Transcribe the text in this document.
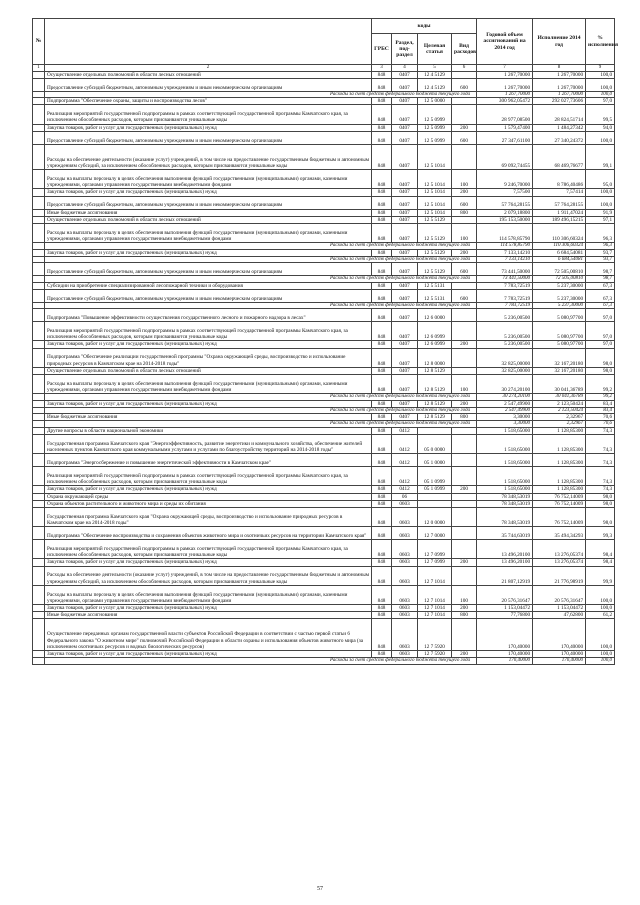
№		коды				Годовой объем ассигнований на 2014 год	Исполнение 2014 год	% исполнения
		ГРБС	Раздел, под-раздел	Целевая статья	Вид расходов			
1	2	3	4	5	6	7	8	9
	Осуществление отдельных полномочий в области лесных отношений	848	0407	12 4 5129		1 267,70000	1 267,70000	100,0
	Предоставление субсидий бюджетным, автономным учреждениям и иным некоммерческим организациям	848	0407	12 4 5129	600	1 267,70000	1 267,70000	100,0
	Расходы за счет средств федерального бюджета текущего года					1 267,70000	1 267,70000	100,0
	Подпрограмма "Обеспечение охраны, защиты и воспроизводства лесов"	848	0407	12 5 0000		300 962,05472	292 027,73606	97,0
	Реализация мероприятий государственной подпрограммы в рамках соответствующей государственной программы Камчатского края, за исключением обособленных расходов, которым присваиваются уникальные коды	848	0407	12 5 0999		28 977,08500	28 824,51714	99,5
	Закупка товаров, работ и услуг для государственных (муниципальных) нужд	848	0407	12 5 0999	200	1 579,47400	1 484,27342	94,0
	Предоставление субсидий бюджетным, автономным учреждениям и иным некоммерческим организациям	848	0407	12 5 0999	600	27 347,61100	27 340,24372	100,0
	Расходы на обеспечение деятельности (оказание услуг) учреждений, в том числе на предоставление государственным бюджетным и автономным учреждениям субсидий, за исключением обособленных расходов, которым присваиваются уникальные коды	848	0407	12 5 1014		69 092,74455	68 469,76677	99,1
	Расходы на выплаты персоналу в целях обеспечения выполнения функций государственными (муниципальными) органами, казенными учреждениями, органами управления государственными внебюджетными фондами	848	0407	12 5 1014	100	9 246,70000	8 786,40486	95,0
	Закупка товаров, работ и услуг для государственных (муниципальных) нужд	848	0407	12 5 1014	200	7,57500	7,57414	100,0
	Предоставление субсидий бюджетным, автономным учреждениям и иным некоммерческим организациям	848	0407	12 5 1014	600	57 764,28155	57 764,28155	100,0
	Иные бюджетные ассигнования	848	0407	12 5 1014	800	2 079,18800	1 911,47024	91,9
	Осуществление отдельных полномочий в области лесных отношений	848	0407	12 5 5129		195 153,50000	189 496,15215	97,1
	Расходы на выплаты персоналу в целях обеспечения выполнения функций государственными (муниципальными) органами, казенными учреждениями, органами управления государственными внебюджетными фондами	848	0407	12 5 5129	100	114 578,85790	110 306,60324	96,3
	Расходы за счет средств федерального бюджета текущего года					114 578,85790	110 306,60324	96,3
	Закупка товаров, работ и услуг для государственных (муниципальных) нужд	848	0407	12 5 5129	200	7 133,14210	6 684,54081	93,7
	Расходы за счет средств федерального бюджета текущего года					7 133,14210	6 684,54081	93,7
	Предоставление субсидий бюджетным, автономным учреждениям и иным некоммерческим организациям	848	0407	12 5 5129	600	73 441,50000	72 505,00810	98,7
	Расходы за счет средств федерального бюджета текущего года					73 441,50000	72 505,00810	98,7
	Субсидии на приобретение специализированной лесопожарной техники и оборудования	848	0407	12 5 5131		7 783,72519	5 237,30000	67,3
	Предоставление субсидий бюджетным, автономным учреждениям и иным некоммерческим организациям	848	0407	12 5 5131	600	7 783,72519	5 237,30000	67,3
	Расходы за счет средств федерального бюджета текущего года					7 783,72519	5 237,30000	67,3
	Подпрограмма "Повышение эффективности осуществления государственного лесного и пожарного надзора в лесах"	848	0407	12 6 0000		5 236,00500	5 080,97700	97,0
	Реализация мероприятий государственной подпрограммы в рамках соответствующей государственной программы Камчатского края, за исключением обособленных расходов, которым присваиваются уникальные коды	848	0407	12 6 0999		5 236,00500	5 080,97700	97,0
	Закупка товаров, работ и услуг для государственных (муниципальных) нужд	848	0407	12 6 0999	200	5 236,00500	5 080,97700	97,0
	Подпрограмма "Обеспечение реализации государственной программы "Охрана окружающей среды, воспроизводство и использование природных ресурсов в Камчатском крае на 2014-2018 годы"	848	0407	12 8 0000		32 825,00000	32 167,20180	98,0
	Осуществление отдельных полномочий в области лесных отношений	848	0407	12 8 5129		32 825,00000	32 167,20180	98,0
	Расходы на выплаты персоналу в целях обеспечения выполнения функций государственными (муниципальными) органами, казенными учреждениями, органами управления государственными внебюджетными фондами	848	0407	12 8 5129	100	30 274,20100	30 041,36789	99,2
	Расходы за счет средств федерального бюджета текущего года					30 274,20100	30 041,36789	99,2
	Закупка товаров, работ и услуг для государственных (муниципальных) нужд	848	0407	12 8 5129	200	2 547,49900	2 123,50424	83,4
	Расходы за счет средств федерального бюджета текущего года					2 547,49900	2 123,50424	83,4
	Иные бюджетные ассигнования	848	0407	12 8 5129	800	3,30000	2,32967	70,6
	Расходы за счет средств федерального бюджета текущего года					3,30000	2,32967	70,6
	Другие вопросы в области национальной экономики	848	0412			1 518,65000	1 128,85300	74,3
	Государственная программа Камчатского края "Энергоэффективность, развитие энергетики и коммунального хозяйства, обеспечение жителей населенных пунктов Камчатского края коммунальными услугами и услугами по благоустройству территорий на 2014-2018 годы"	848	0412	05 0 0000		1 518,65000	1 128,85300	74,3
	Подпрограмма "Энергосбережение и повышение энергетической эффективности в Камчатском крае"	848	0412	05 1 0000		1 518,65000	1 128,85300	74,3
	Реализация мероприятий государственной подпрограммы в рамках соответствующей государственной программы Камчатского края, за исключением обособленных расходов, которым присваиваются уникальные коды	848	0412	05 1 0999		1 518,65000	1 128,85300	74,3
	Закупка товаров, работ и услуг для государственных (муниципальных) нужд	848	0412	05 1 0999	200	1 518,65000	1 128,85300	74,3
	Охрана окружающей среды	848	06			78 348,53019	76 752,14009	98,0
	Охрана объектов растительного и животного мира и среды их обитания	848	0603			78 348,53019	76 752,14009	98,0
	Государственная программа Камчатского края "Охрана окружающей среды, воспроизводство и использование природных ресурсов в Камчатском крае на 2014-2018 годы"	848	0603	12 0 0000		78 348,53019	76 752,14009	98,0
	Подпрограмма "Обеспечение воспроизводства и сохранения объектов животного мира и охотничьих ресурсов на территории Камчатского края"	848	0603	12 7 0000		35 744,63019	35 494,34293	99,3
	Реализация мероприятий государственной подпрограммы в рамках соответствующей государственной программы Камчатского края, за исключением обособленных расходов, которым присваиваются уникальные коды	848	0603	12 7 0999		13 496,20100	13 276,05374	98,4
	Закупка товаров, работ и услуг для государственных (муниципальных) нужд	848	0603	12 7 0999	200	13 496,20100	13 276,05374	98,4
	Расходы на обеспечение деятельности (оказание услуг) учреждений, в том числе на предоставление государственным бюджетным и автономным учреждениям субсидий, за исключением обособленных расходов, которым присваиваются уникальные коды	848	0603	12 7 1014		21 807,12919	21 776,98919	99,9
	Расходы на выплаты персоналу в целях обеспечения выполнения функций государственными (муниципальными) органами, казенными учреждениями, органами управления государственными внебюджетными фондами	848	0603	12 7 1014	100	20 576,31647	20 576,31647	100,0
	Закупка товаров, работ и услуг для государственных (муниципальных) нужд	848	0603	12 7 1014	200	1 153,04472	1 153,04472	100,0
	Иные бюджетные ассигнования	848	0603	12 7 1014	800	77,76800	47,62800	61,2
	Осуществление переданных органам государственной власти субъектов Российской Федерации в соответствии с частью первой статьи 6 Федерального закона "О животном мире" полномочий Российской Федерации в области охраны и использования объектов животного мира (за исключением охотничьих ресурсов и водных биологических ресурсов)	848	0603	12 7 5920		170,40000	170,40000	100,0
	Закупка товаров, работ и услуг для государственных (муниципальных) нужд	848	0603	12 7 5920	200	170,40000	170,40000	100,0
	Расходы за счет средств федерального бюджета текущего года					170,40000	170,40000	100,0
57
